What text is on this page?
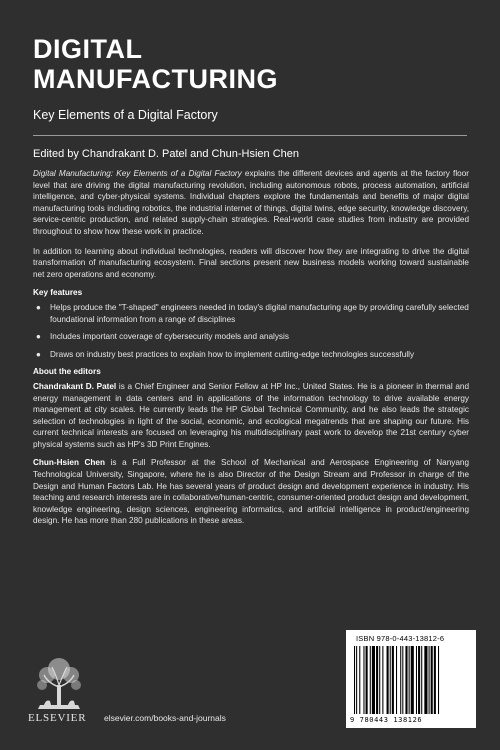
DIGITAL
MANUFACTURING
Key Elements of a Digital Factory
Edited by Chandrakant D. Patel and Chun-Hsien Chen

Digital Manufacturing: Key Elements of a Digital Factory explains the different devices and agents at the factory floor level that are driving the digital manufacturing revolution, including autonomous robots, process automation, artificial intelligence, and cyber-physical systems. Individual chapters explore the fundamentals and benefits of major digital manufacturing tools including robotics, the industrial internet of things, digital twins, edge security, knowledge discovery, service-centric production, and related supply-chain strategies. Real-world case studies from industry are provided throughout to show how these work in practice.

In addition to learning about individual technologies, readers will discover how they are integrating to drive the digital transformation of manufacturing ecosystem. Final sections present new business models working toward sustainable net zero operations and economy.

Key features
● Helps produce the "T-shaped" engineers needed in today's digital manufacturing age by providing carefully selected foundational information from a range of disciplines
● Includes important coverage of cybersecurity models and analysis
● Draws on industry best practices to explain how to implement cutting-edge technologies successfully
About the editors

Chandrakant D. Patel is a Chief Engineer and Senior Fellow at HP Inc., United States. He is a pioneer in thermal and energy management in data centers and in applications of the information technology to drive available energy management at city scales. He currently leads the HP Global Technical Community, and he also leads the strategic selection of technologies in light of the social, economic, and ecological megatrends that are shaping our future. His current technical interests are focused on leveraging his multidisciplinary past work to develop the 21st century cyber physical systems such as HP's 3D Print Engines.

Chun-Hsien Chen is a Full Professor at the School of Mechanical and Aerospace Engineering of Nanyang Technological University, Singapore, where he is also Director of the Design Stream and Professor in charge of the Design and Human Factors Lab. He has several years of product design and development experience in industry. His teaching and research interests are in collaborative/human-centric, consumer-oriented product design and development, knowledge engineering, design sciences, engineering informatics, and artificial intelligence in product/engineering design. He has more than 280 publications in these areas.

ELSEVIER elsevier.com/books-and-journals
ISBN 978-0-443-13812-6
9 780443 138126
